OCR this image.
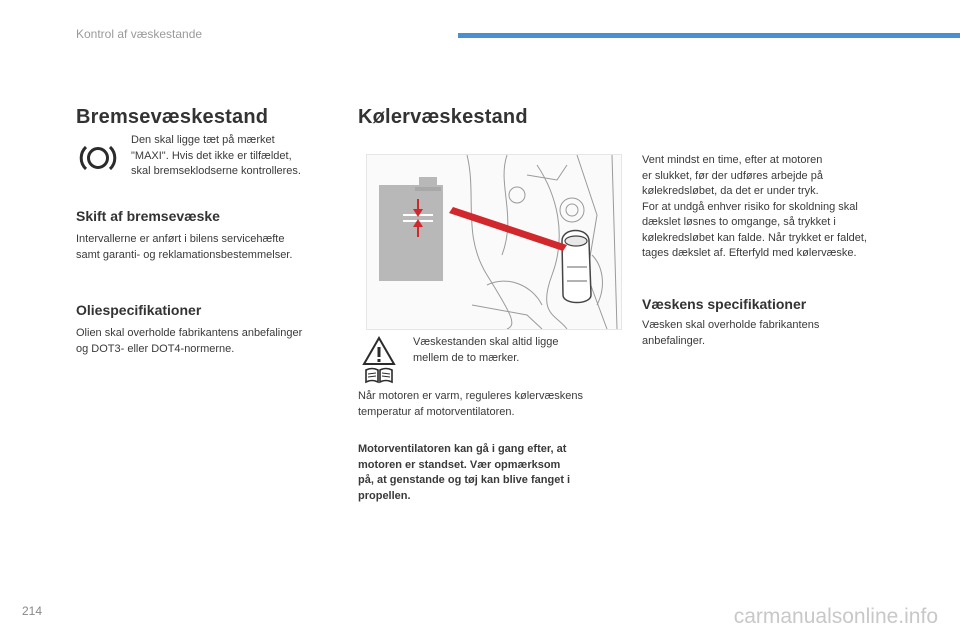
Kontrol af væskestande
Bremsevæskestand
Den skal ligge tæt på mærket
"MAXI". Hvis det ikke er tilfældet,
skal bremseklodserne kontrolleres.
Skift af bremsevæske
Intervallerne er anført i bilens servicehæfte
samt garanti- og reklamationsbestemmelser.
Oliespecifikationer
Olien skal overholde fabrikantens anbefalinger
og DOT3- eller DOT4-normerne.
Kølervæskestand
Væskestanden skal altid ligge
mellem de to mærker.
Når motoren er varm, reguleres kølervæskens
temperatur af motorventilatoren.
Motorventilatoren kan gå i gang efter, at
motoren er standset. Vær opmærksom
på, at genstande og tøj kan blive fanget i
propellen.
Vent mindst en time, efter at motoren
er slukket, før der udføres arbejde på
kølekredsløbet, da det er under tryk.
For at undgå enhver risiko for skoldning skal
dækslet løsnes to omgange, så trykket i
kølekredsløbet kan falde. Når trykket er faldet,
tages dækslet af. Efterfyld med kølervæske.
Væskens specifikationer
Væsken skal overholde fabrikantens
anbefalinger.
214	carmanualsonline.info
